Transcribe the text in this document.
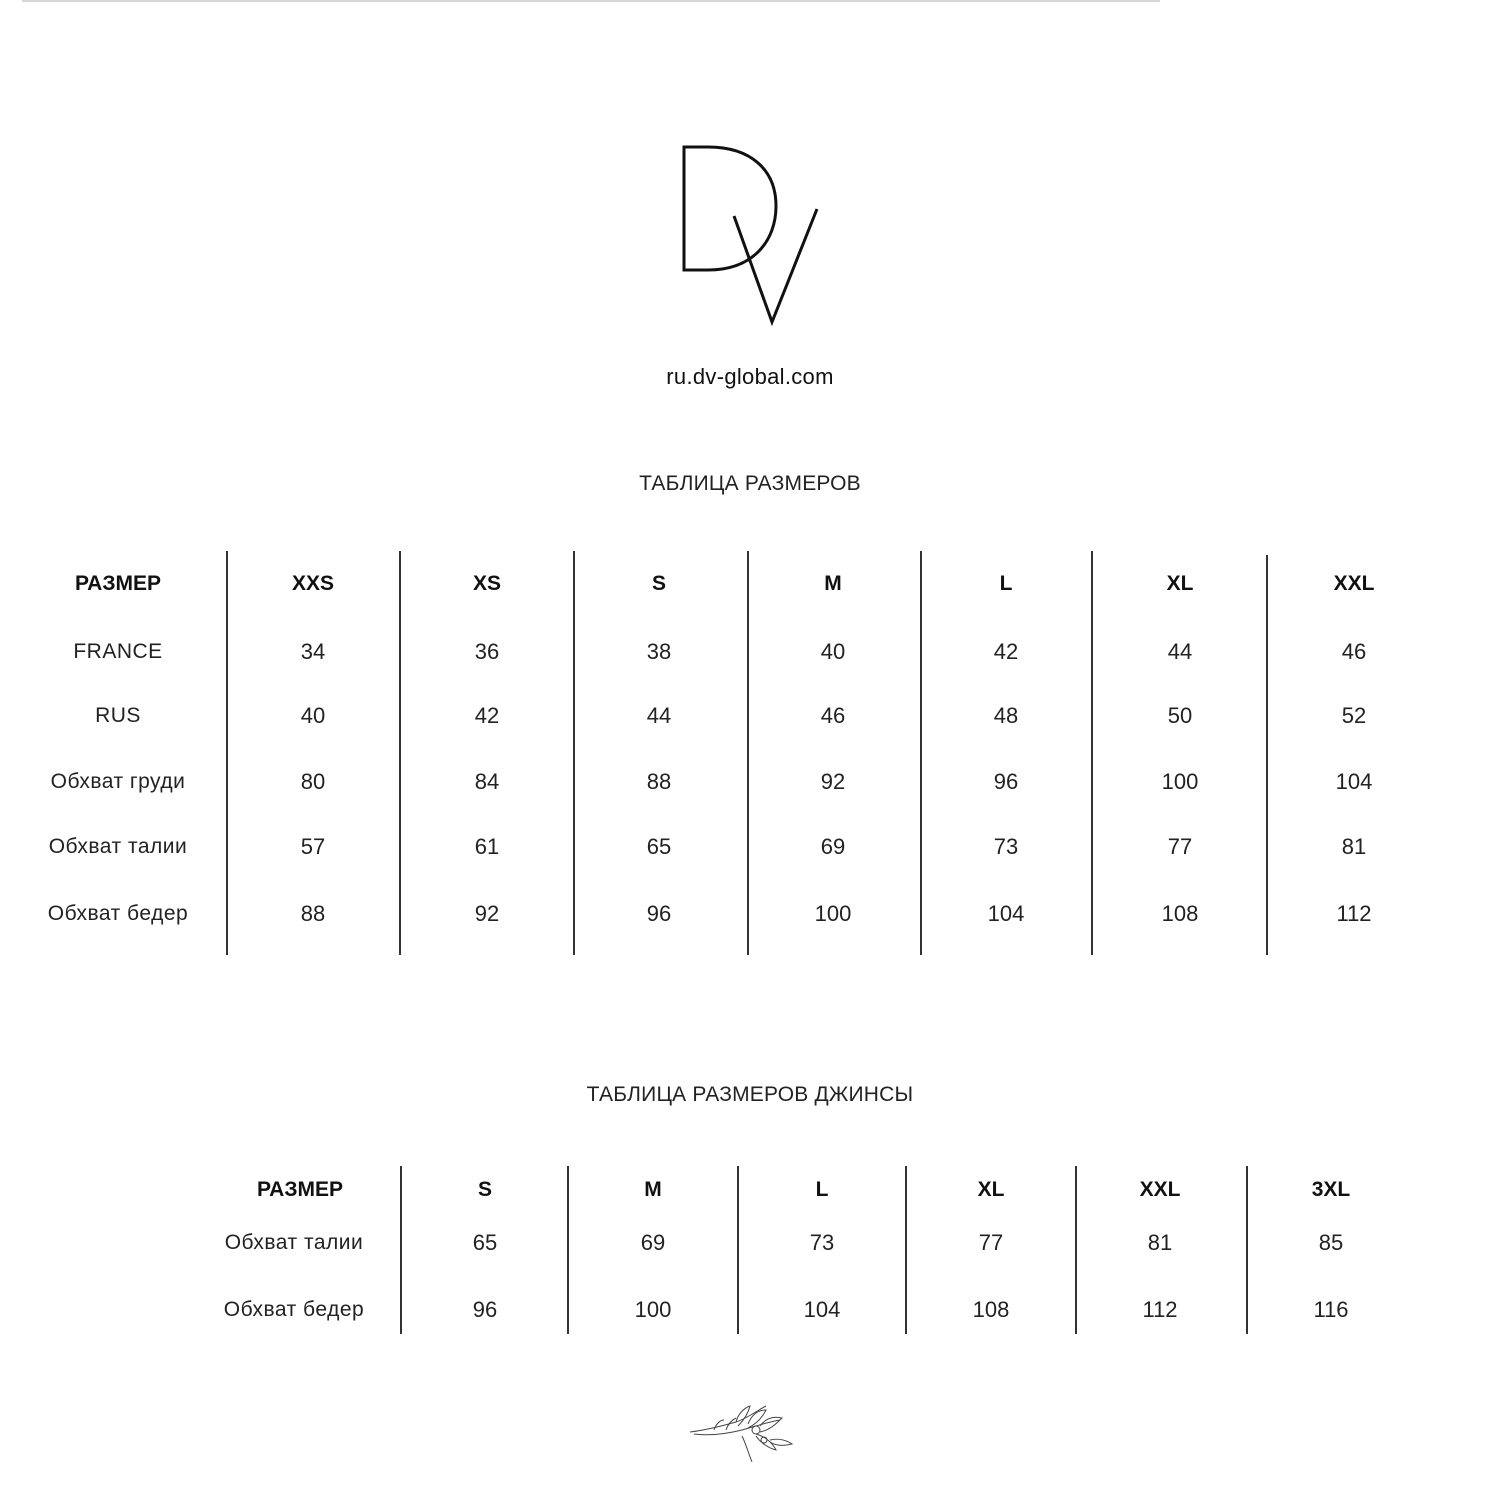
ru.dv-global.com
ТАБЛИЦА РАЗМЕРОВ
РАЗМЕР	XXS	XS	S	M	L	XL	XXL
FRANCE	34	36	38	40	42	44	46
RUS	40	42	44	46	48	50	52
Обхват груди	80	84	88	92	96	100	104
Обхват талии	57	61	65	69	73	77	81
Обхват бедер	88	92	96	100	104	108	112
ТАБЛИЦА РАЗМЕРОВ ДЖИНСЫ
РАЗМЕР	S	M	L	XL	XXL	3XL
Обхват талии	65	69	73	77	81	85
Обхват бедер	96	100	104	108	112	116
